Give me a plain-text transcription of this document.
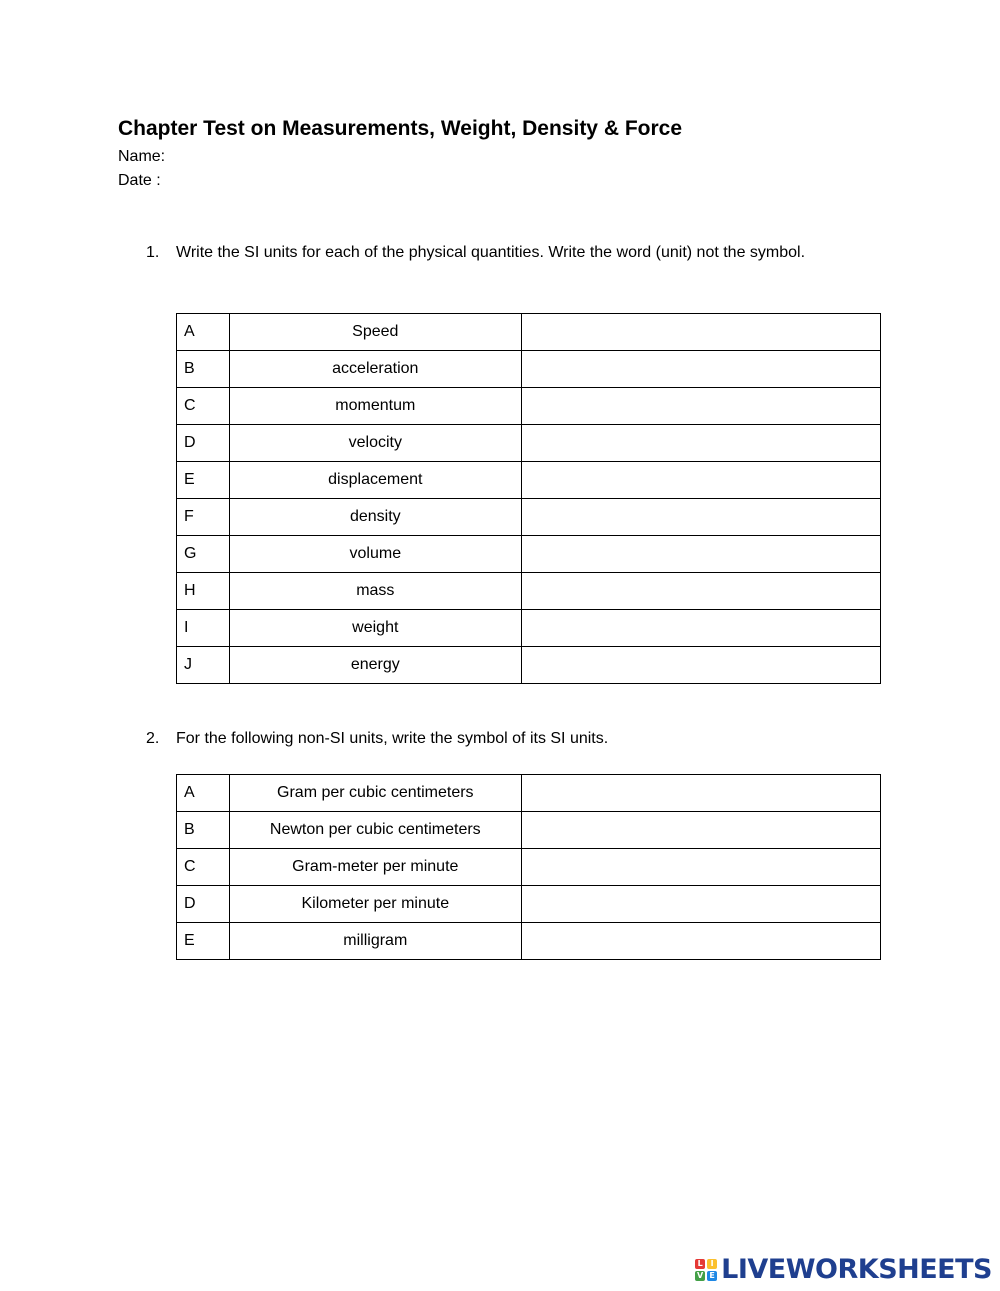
Chapter Test on Measurements, Weight, Density & Force
Name:
Date :
1. Write the SI units for each of the physical quantities. Write the word (unit) not the symbol.
A	Speed	
B	acceleration	
C	momentum	
D	velocity	
E	displacement	
F	density	
G	volume	
H	mass	
I	weight	
J	energy	
2. For the following non-SI units, write the symbol of its SI units.
A	Gram per cubic centimeters	
B	Newton per cubic centimeters	
C	Gram-meter per minute	
D	Kilometer per minute	
E	milligram	
L I
V E LIVEWORKSHEETS
